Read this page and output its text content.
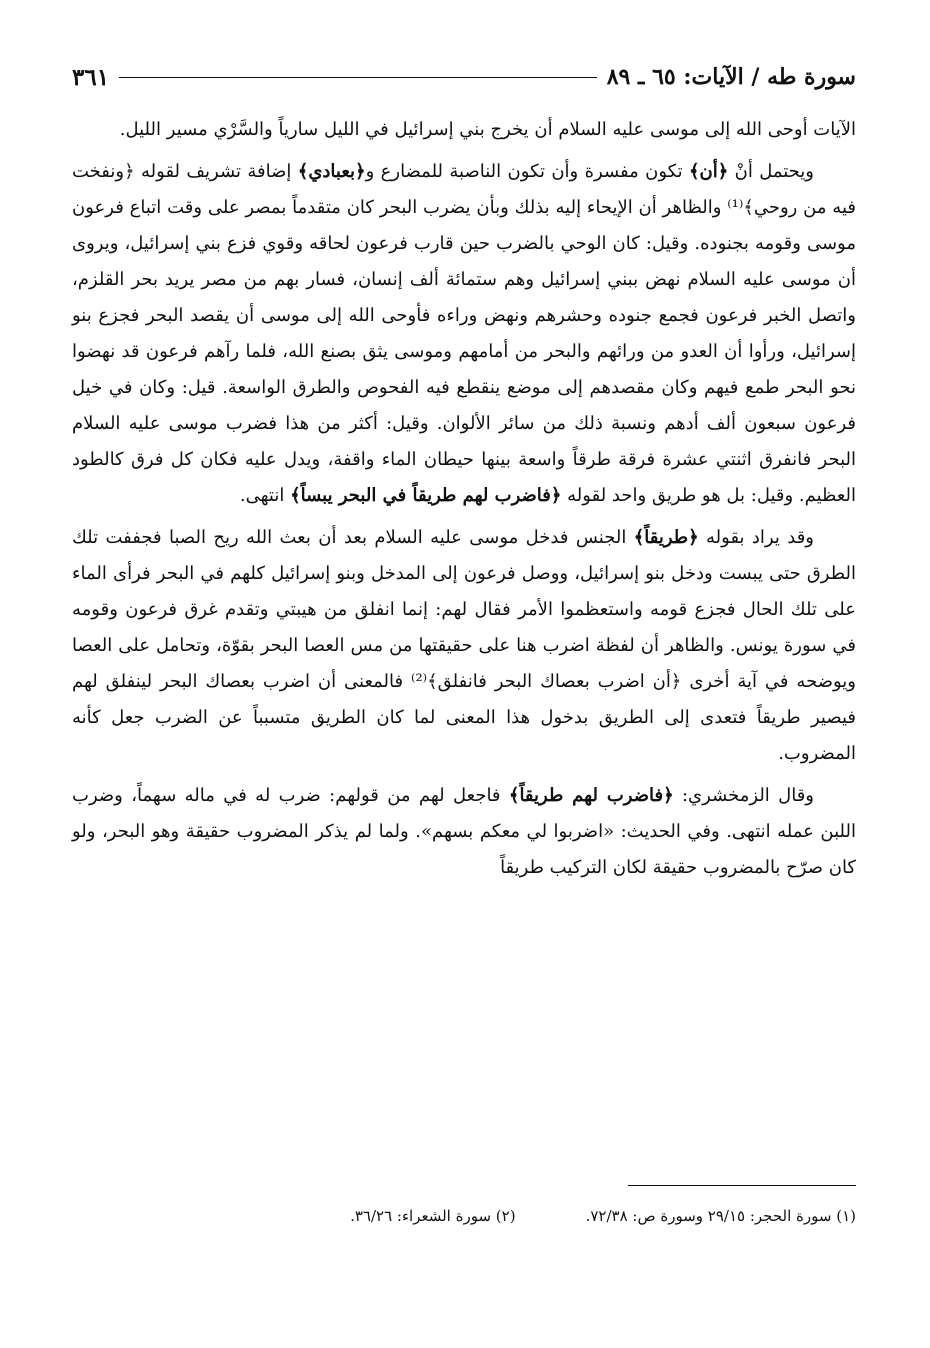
سورة طه / الآيات: ٦٥ ـ ٨٩
٣٦١

الآيات أوحى الله إلى موسى عليه السلام أن يخرج بني إسرائيل في الليل سارياً والسَّرْي مسير الليل.

ويحتمل أنْ ﴿أن﴾ تكون مفسرة وأن تكون الناصبة للمضارع و﴿بعبادي﴾ إضافة تشريف لقوله ﴿ونفخت فيه من روحي﴾⁽¹⁾ والظاهر أن الإيحاء إليه بذلك وبأن يضرب البحر كان متقدماً بمصر على وقت اتباع فرعون موسى وقومه بجنوده. وقيل: كان الوحي بالضرب حين قارب فرعون لحاقه وقوي فزع بني إسرائيل، ويروى أن موسى عليه السلام نهض ببني إسرائيل وهم ستمائة ألف إنسان، فسار بهم من مصر يريد بحر القلزم، واتصل الخبر فرعون فجمع جنوده وحشرهم ونهض وراءه فأوحى الله إلى موسى أن يقصد البحر فجزع بنو إسرائيل، ورأوا أن العدو من ورائهم والبحر من أمامهم وموسى يثق بصنع الله، فلما رآهم فرعون قد نهضوا نحو البحر طمع فيهم وكان مقصدهم إلى موضع ينقطع فيه الفحوص والطرق الواسعة. قيل: وكان في خيل فرعون سبعون ألف أدهم ونسبة ذلك من سائر الألوان. وقيل: أكثر من هذا فضرب موسى عليه السلام البحر فانفرق اثنتي عشرة فرقة طرقاً واسعة بينها حيطان الماء واقفة، ويدل عليه فكان كل فرق كالطود العظيم. وقيل: بل هو طريق واحد لقوله ﴿فاضرب لهم طريقاً في البحر يبساً﴾ انتهى.

وقد يراد بقوله ﴿طريقاً﴾ الجنس فدخل موسى عليه السلام بعد أن بعث الله ريح الصبا فجففت تلك الطرق حتى يبست ودخل بنو إسرائيل، ووصل فرعون إلى المدخل وبنو إسرائيل كلهم في البحر فرأى الماء على تلك الحال فجزع قومه واستعظموا الأمر فقال لهم: إنما انفلق من هيبتي وتقدم غرق فرعون وقومه في سورة يونس. والظاهر أن لفظة اضرب هنا على حقيقتها من مس العصا البحر بقوّة، وتحامل على العصا ويوضحه في آية أخرى ﴿أن اضرب بعصاك البحر فانفلق﴾⁽²⁾ فالمعنى أن اضرب بعصاك البحر لينفلق لهم فيصير طريقاً فتعدى إلى الطريق بدخول هذا المعنى لما كان الطريق متسبباً عن الضرب جعل كأنه المضروب.

وقال الزمخشري: ﴿فاضرب لهم طريقاً﴾ فاجعل لهم من قولهم: ضرب له في ماله سهماً، وضرب اللبن عمله انتهى. وفي الحديث: «اضربوا لي معكم بسهم». ولما لم يذكر المضروب حقيقة وهو البحر، ولو كان صرّح بالمضروب حقيقة لكان التركيب طريقاً

(١) سورة الحجر: ٢٩/١٥ وسورة ص: ٧٢/٣٨.
(٢) سورة الشعراء: ٣٦/٢٦.
